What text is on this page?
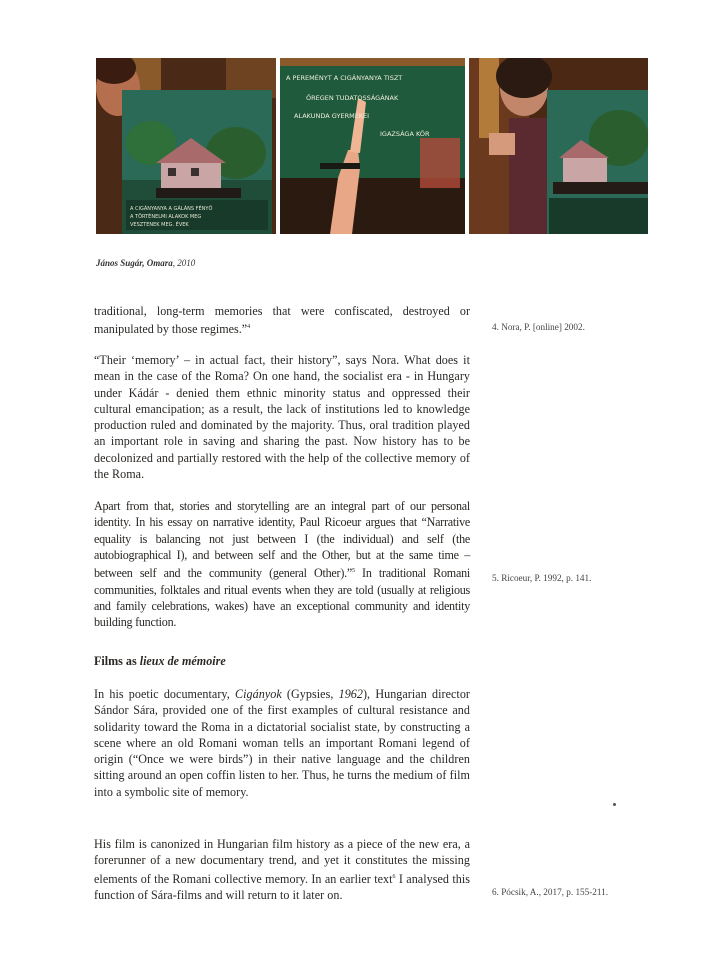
A CIGÁNYANYA A GÁLÁNS FÉNYŐ
A TÖRTÉNELMI ALAKOK MEG
VESZTENEK MEG. ÉVEK
A PEREMÉNYT A CIGÁNYANYA TISZT
ŐREGEN TUDATOSSÁGÁNAK
ALAKUNDA GYERMEKEI
IGAZSÁGA KÖR
János Sugár, Omara, 2010

traditional, long-term memories that were confiscated, destroyed or manipulated by those regimes.”$^4$	4. Nora, P. [online] 2002.

“Their ‘memory’ – in actual fact, their history”, says Nora. What does it mean in the case of the Roma? On one hand, the socialist era - in Hungary under Kádár - denied them ethnic minority status and oppressed their cultural emancipation; as a result, the lack of institutions led to knowledge production ruled and dominated by the majority. Thus, oral tradition played an important role in saving and sharing the past. Now history has to be decolonized and partially restored with the help of the collective memory of the Roma.

Apart from that, stories and storytelling are an integral part of our personal identity. In his essay on narrative identity, Paul Ricoeur argues that “Narrative equality is balancing not just between I (the individual) and self (the autobiographical I), and between self and the Other, but at the same time – between self and the community (general Other).”$^5$ In traditional Romani communities, folktales and ritual events when they are told (usually at religious and family celebrations, wakes) have an exceptional community and identity building function.

5. Ricoeur, P. 1992, p. 141.
Films as lieux de mémoire

In his poetic documentary, Cigányok (Gypsies, 1962), Hungarian director Sándor Sára, provided one of the first examples of cultural resistance and solidarity toward the Roma in a dictatorial socialist state, by constructing a scene where an old Romani woman tells an important Romani legend of origin (“Once we were birds”) in their native language and the children sitting around an open coffin listen to her. Thus, he turns the medium of film into a symbolic site of memory.

His film is canonized in Hungarian film history as a piece of the new era, a forerunner of a new documentary trend, and yet it constitutes the missing elements of the Romani collective memory. In an earlier text$^6$ I analysed this function of Sára-films and will return to it later on.	6. Pócsik, A., 2017, p. 155-211.
